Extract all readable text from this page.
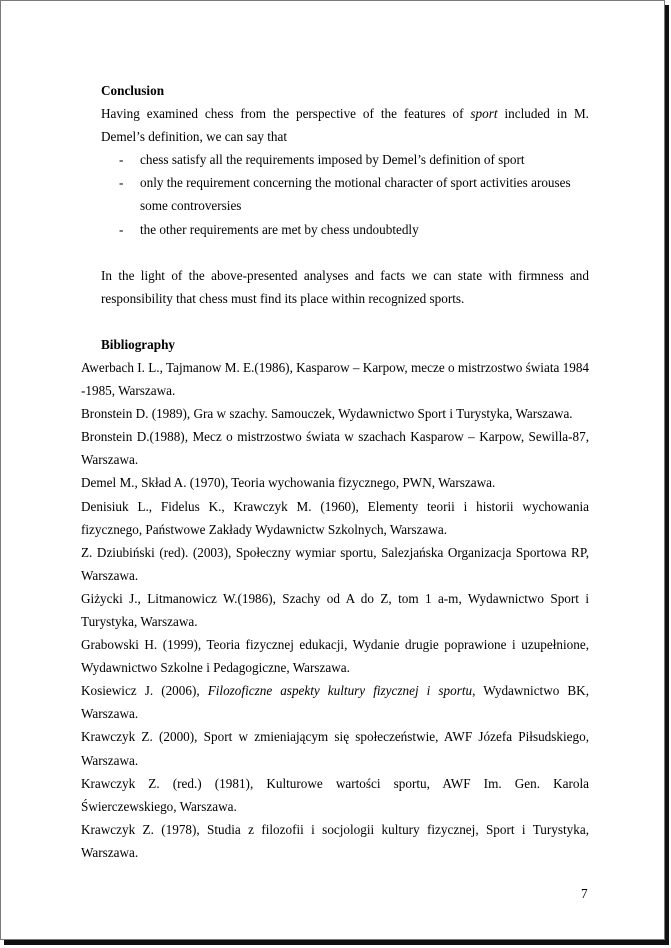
Conclusion
Having examined chess from the perspective of the features of sport included in M. Demel’s definition, we can say that
- chess satisfy all the requirements imposed by Demel’s definition of sport
- only the requirement concerning the motional character of sport activities arouses some controversies
- the other requirements are met by chess undoubtedly
In the light of the above-presented analyses and facts we can state with firmness and responsibility that chess must find its place within recognized sports.
Bibliography
Awerbach I. L., Tajmanow M. E.(1986), Kasparow – Karpow, mecze o mistrzostwo świata 1984 -1985, Warszawa.
Bronstein D. (1989), Gra w szachy. Samouczek, Wydawnictwo Sport i Turystyka, Warszawa.
Bronstein D.(1988), Mecz o mistrzostwo świata w szachach Kasparow – Karpow, Sewilla-87, Warszawa.
Demel M., Skład A. (1970), Teoria wychowania fizycznego, PWN, Warszawa.
Denisiuk L., Fidelus K., Krawczyk M. (1960), Elementy teorii i historii wychowania fizycznego, Państwowe Zakłady Wydawnictw Szkolnych, Warszawa.
Z. Dziubiński (red). (2003), Społeczny wymiar sportu, Salezjańska Organizacja Sportowa RP, Warszawa.
Giżycki J., Litmanowicz W.(1986), Szachy od A do Z, tom 1 a-m, Wydawnictwo Sport i Turystyka, Warszawa.
Grabowski H. (1999), Teoria fizycznej edukacji, Wydanie drugie poprawione i uzupełnione, Wydawnictwo Szkolne i Pedagogiczne, Warszawa.
Kosiewicz J. (2006), Filozoficzne aspekty kultury fizycznej i sportu, Wydawnictwo BK, Warszawa.
Krawczyk Z. (2000), Sport w zmieniającym się społeczeństwie, AWF Józefa Piłsudskiego, Warszawa.
Krawczyk Z. (red.) (1981), Kulturowe wartości sportu, AWF Im. Gen. Karola Świerczewskiego, Warszawa.
Krawczyk Z. (1978), Studia z filozofii i socjologii kultury fizycznej, Sport i Turystyka, Warszawa.
7
